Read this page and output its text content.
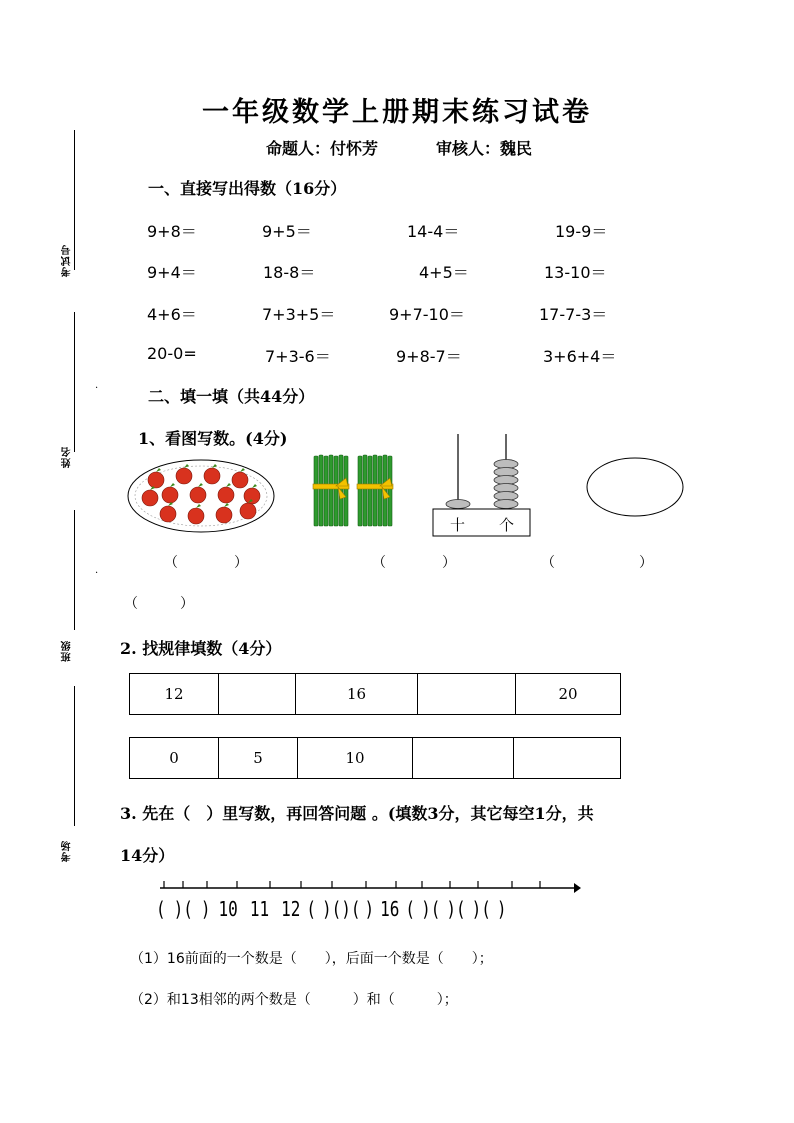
考试号
.
姓名
.
班级
考场
一年级数学上册期末练习试卷
命题人：付怀芳	审核人：魏民
一、直接写出得数（16分）
9+8＝	9+5＝	14-4＝	19-9＝
9+4＝	18-8＝	4+5＝	13-10＝
4+6＝	7+3+5＝	9+7-10＝	17-7-3＝
20-0=	7+3-6＝	9+8-7＝	3+6+4＝
二、填一填（共44分）
1、看图写数。(4分)
十 个
（　　　　）	（　　　　）	（　　　　　　）
（　　　）
2. 找规律填数（4分）
12		16		20
0	5	10		
3. 先在（　）里写数，再回答问题 。(填数3分，其它每空1分，共
14分）
( )( ) 10 11 12 ( )()( ) 16 ( )( )( )( )
（1）16前面的一个数是（　　），后面一个数是（　　）；
（2）和13相邻的两个数是（　　　）和（　　　）；
